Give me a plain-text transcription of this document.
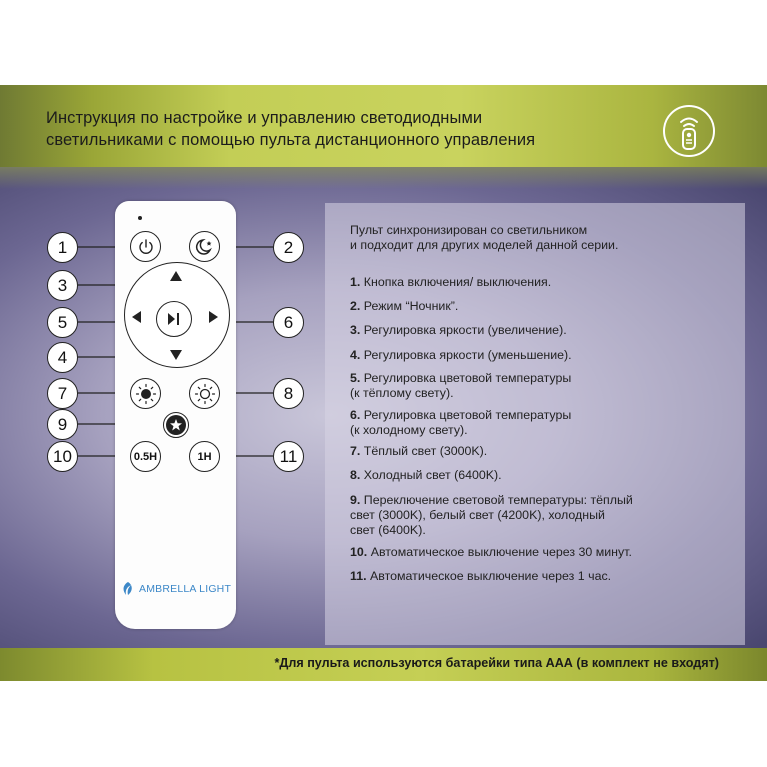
Инструкция по настройке и управлению светодиодными
светильниками с помощью пульта дистанционного управления
0.5H	1H
AMBRELLA LIGHT
1	2
3
5	6
4
7	8
9
10	11
Пульт синхронизирован со светильником
и подходит для других моделей данной серии.
1. Кнопка включения/ выключения.
2. Режим “Ночник”.
3. Регулировка яркости (увеличение).
4. Регулировка яркости (уменьшение).
5. Регулировка цветовой температуры
(к тёплому свету).
6. Регулировка цветовой температуры
(к холодному свету).
7. Тёплый свет (3000K).
8. Холодный свет (6400K).
9. Переключение световой температуры: тёплый
свет (3000K), белый свет (4200K), холодный
свет (6400K).
10. Автоматическое выключение через 30 минут.
11. Автоматическое выключение через 1 час.
*Для пульта используются батарейки типа ААА (в комплект не входят)
